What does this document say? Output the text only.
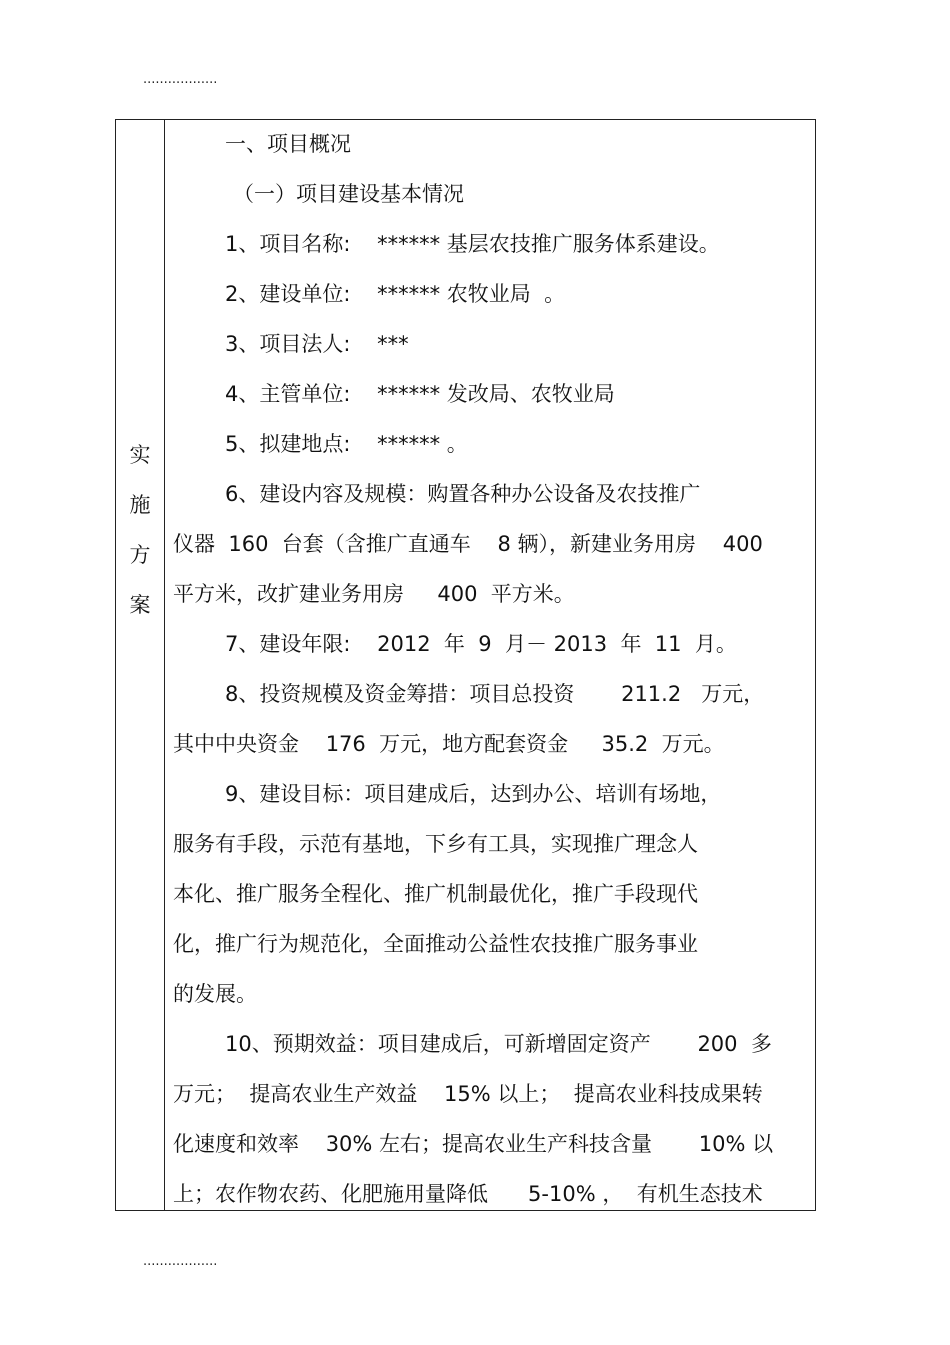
..................
实
施
方
案
一、项目概况
（一）项目建设基本情况
1、项目名称:    ****** 基层农技推广服务体系建设。
2、建设单位:    ****** 农牧业局  。
3、项目法人:    ***
4、主管单位:    ****** 发改局、农牧业局
5、拟建地点:    ****** 。
6、建设内容及规模：购置各种办公设备及农技推广
仪器  160  台套（含推广直通车    8 辆），新建业务用房    400
平方米，改扩建业务用房     400  平方米。
7、建设年限:    2012  年  9  月－ 2013  年  11  月。
8、投资规模及资金筹措：项目总投资       211.2   万元，
其中中央资金    176  万元，地方配套资金     35.2  万元。
9、建设目标：项目建成后，达到办公、培训有场地，
服务有手段，示范有基地，下乡有工具，实现推广理念人
本化、推广服务全程化、推广机制最优化，推广手段现代
化，推广行为规范化，全面推动公益性农技推广服务事业
的发展。
10、预期效益：项目建成后，可新增固定资产       200  多
万元；  提高农业生产效益    15% 以上；  提高农业科技成果转
化速度和效率    30% 左右；提高农业生产科技含量       10% 以
上；农作物农药、化肥施用量降低      5-10% ，  有机生态技术
..................
